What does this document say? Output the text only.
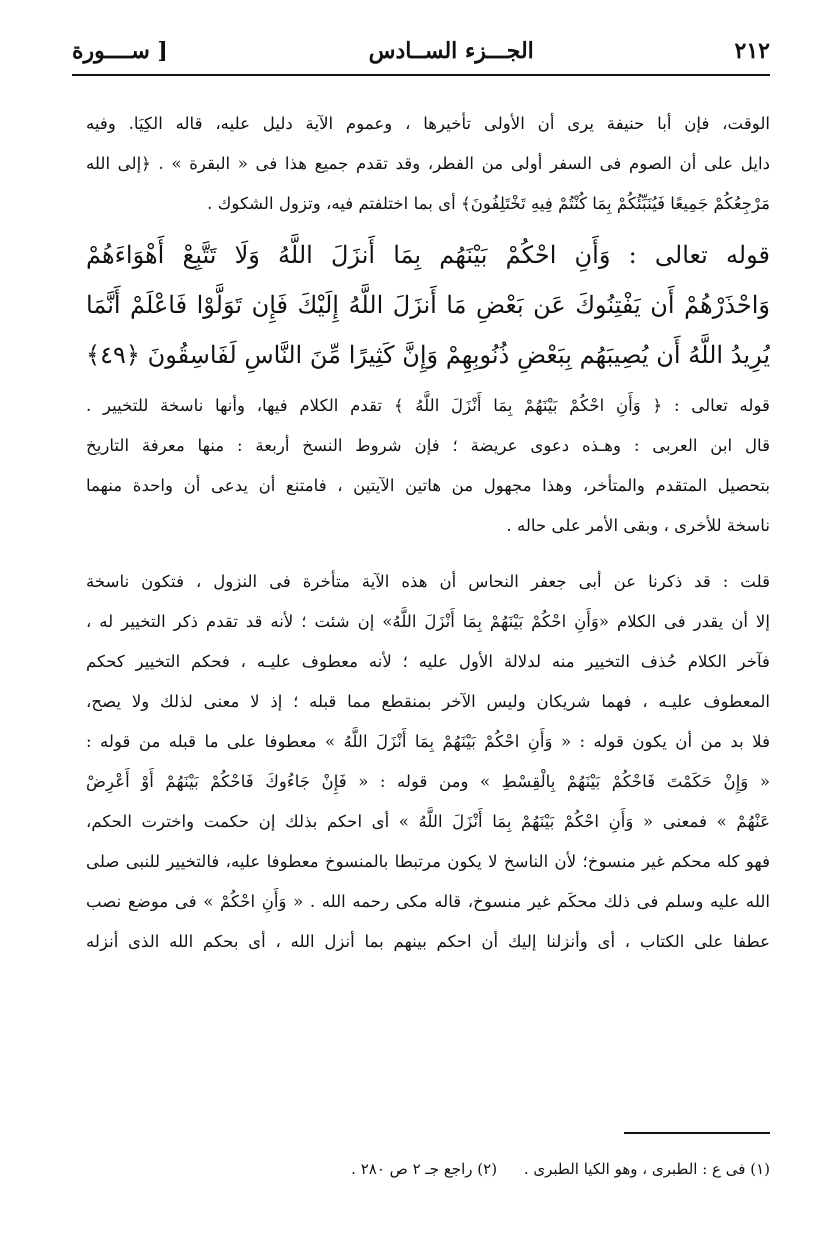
٢١٢
الجـــزء الســادس
[ ســــورة
الوقت، فإن أبا حنيفة يرى أن الأولى تأخيرها ، وعموم الآية دليل عليه، قاله الكِيَا. وفيه
دايل على أن الصوم فى السفر أولى من الفطر، وقد تقدم جميع هذا فى « البقرة » . ﴿إلى الله
مَرْجِعُكُمْ جَمِيعًا فَيُنَبِّئُكُمْ بِمَا كُنْتُمْ فِيهِ تَخْتَلِفُونَ﴾ أى بما اختلفتم فيه، وتزول الشكوك .
قوله تعالى : وَأَنِ احْكُمْ بَيْنَهُم بِمَا أَنزَلَ اللَّهُ وَلَا تَتَّبِعْ أَهْوَاءَهُمْ
وَاحْذَرْهُمْ أَن يَفْتِنُوكَ عَن بَعْضِ مَا أَنزَلَ اللَّهُ إِلَيْكَ فَإِن تَوَلَّوْا فَاعْلَمْ أَنَّمَا
يُرِيدُ اللَّهُ أَن يُصِيبَهُم بِبَعْضِ ذُنُوبِهِمْ وَإِنَّ كَثِيرًا مِّنَ النَّاسِ لَفَاسِقُونَ ﴿٤٩﴾
قوله تعالى : ﴿ وَأَنِ احْكُمْ بَيْنَهُمْ بِمَا أَنْزَلَ اللَّهُ ﴾ تقدم الكلام فيها، وأنها ناسخة للتخيير .
قال ابن العربى : وهـذه دعوى عريضة ؛ فإن شروط النسخ أربعة : منها معرفة التاريخ
بتحصيل المتقدم والمتأخر، وهذا مجهول من هاتين الآيتين ، فامتنع أن يدعى أن واحدة منهما
ناسخة للأخرى ، وبقى الأمر على حاله .
قلت : قد ذكرنا عن أبى جعفر النحاس أن هذه الآية متأخرة فى النزول ، فتكون ناسخة
إلا أن يقدر فى الكلام «وَأَنِ احْكُمْ بَيْنَهُمْ بِمَا أَنْزَلَ اللَّهُ» إن شئت ؛ لأنه قد تقدم ذكر التخيير له ،
فآخر الكلام حُذف التخيير منه لدلالة الأول عليه ؛ لأنه معطوف عليـه ، فحكم التخيير كحكم
المعطوف عليـه ، فهما شريكان وليس الآخر بمنقطع مما قبله ؛ إذ لا معنى لذلك ولا يصح،
فلا بد من أن يكون قوله : « وَأَنِ احْكُمْ بَيْنَهُمْ بِمَا أَنْزَلَ اللَّهُ » معطوفا على ما قبله من قوله :
« وَإِنْ حَكَمْتَ فَاحْكُمْ بَيْنَهُمْ بِالْقِسْطِ » ومن قوله : « فَإِنْ جَاءُوكَ فَاحْكُمْ بَيْنَهُمْ أَوْ أَعْرِضْ
عَنْهُمْ » فمعنى « وَأَنِ احْكُمْ بَيْنَهُمْ بِمَا أَنْزَلَ اللَّهُ » أى احكم بذلك إن حكمت واخترت الحكم،
فهو كله محكم غير منسوخ؛ لأن الناسخ لا يكون مرتبطا بالمنسوخ معطوفا عليه، فالتخيير للنبى صلى
الله عليه وسلم فى ذلك محكَم غير منسوخ، قاله مكى رحمه الله . « وَأَنِ احْكُمْ » فى موضع نصب
عطفا على الكتاب ، أى وأنزلنا إليك أن احكم بينهم بما أنزل الله ، أى بحكم الله الذى أنزله
(١) فى ع : الطبرى ، وهو الكيا الطبرى . (٢) راجع جـ ٢ ص ٢٨٠ .
